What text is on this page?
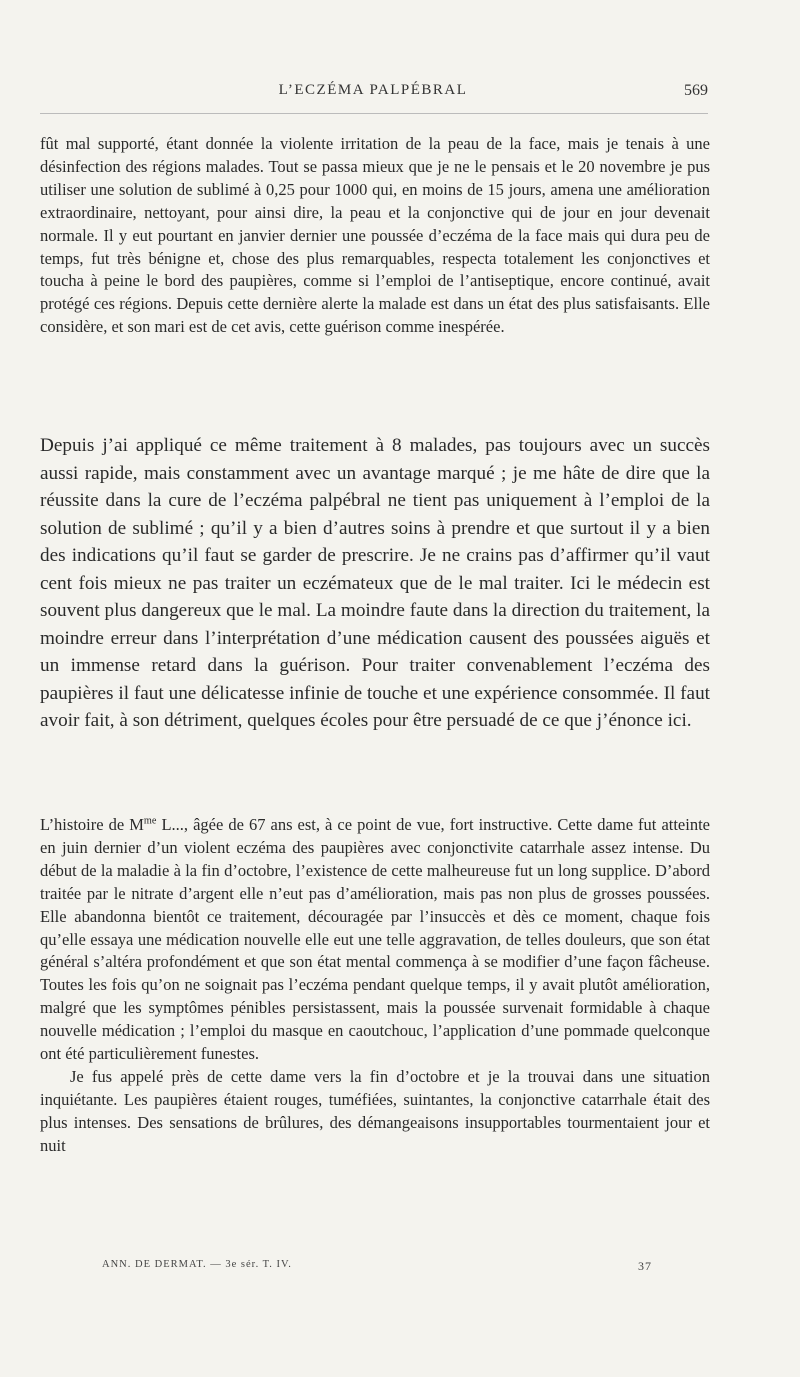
L’ECZÉMA PALPÉBRAL	569

fût mal supporté, étant donnée la violente irritation de la peau de la face, mais je tenais à une désinfection des régions malades. Tout se passa mieux que je ne le pensais et le 20 novembre je pus utiliser une solution de sublimé à 0,25 pour 1000 qui, en moins de 15 jours, amena une amélioration extraordinaire, nettoyant, pour ainsi dire, la peau et la conjonctive qui de jour en jour devenait normale. Il y eut pourtant en janvier dernier une poussée d’eczéma de la face mais qui dura peu de temps, fut très bénigne et, chose des plus remarquables, respecta totalement les conjonctives et toucha à peine le bord des paupières, comme si l’emploi de l’antiseptique, encore continué, avait protégé ces régions. Depuis cette dernière alerte la malade est dans un état des plus satisfaisants. Elle considère, et son mari est de cet avis, cette guérison comme inespérée.

Depuis j’ai appliqué ce même traitement à 8 malades, pas toujours avec un succès aussi rapide, mais constamment avec un avantage marqué ; je me hâte de dire que la réussite dans la cure de l’eczéma palpébral ne tient pas uniquement à l’emploi de la solution de sublimé ; qu’il y a bien d’autres soins à prendre et que surtout il y a bien des indications qu’il faut se garder de prescrire. Je ne crains pas d’affirmer qu’il vaut cent fois mieux ne pas traiter un eczémateux que de le mal traiter. Ici le médecin est souvent plus dangereux que le mal. La moindre faute dans la direction du traitement, la moindre erreur dans l’interprétation d’une médication causent des poussées aiguës et un immense retard dans la guérison. Pour traiter convenablement l’eczéma des paupières il faut une délicatesse infinie de touche et une expérience consommée. Il faut avoir fait, à son détriment, quelques écoles pour être persuadé de ce que j’énonce ici.

L’histoire de $M^{me}$ L..., âgée de 67 ans est, à ce point de vue, fort instructive. Cette dame fut atteinte en juin dernier d’un violent eczéma des paupières avec conjonctivite catarrhale assez intense. Du début de la maladie à la fin d’octobre, l’existence de cette malheureuse fut un long supplice. D’abord traitée par le nitrate d’argent elle n’eut pas d’amélioration, mais pas non plus de grosses poussées. Elle abandonna bientôt ce traitement, découragée par l’insuccès et dès ce moment, chaque fois qu’elle essaya une médication nouvelle elle eut une telle aggravation, de telles douleurs, que son état général s’altéra profondément et que son état mental commença à se modifier d’une façon fâcheuse. Toutes les fois qu’on ne soignait pas l’eczéma pendant quelque temps, il y avait plutôt amélioration, malgré que les symptômes pénibles persistassent, mais la poussée survenait formidable à chaque nouvelle médication ; l’emploi du masque en caoutchouc, l’application d’une pommade quelconque ont été particulièrement funestes.

Je fus appelé près de cette dame vers la fin d’octobre et je la trouvai dans une situation inquiétante. Les paupières étaient rouges, tuméfiées, suintantes, la conjonctive catarrhale était des plus intenses. Des sensations de brûlures, des démangeaisons insupportables tourmentaient jour et nuit

ANN. DE DERMAT. — 3e sér. T. IV.	37
